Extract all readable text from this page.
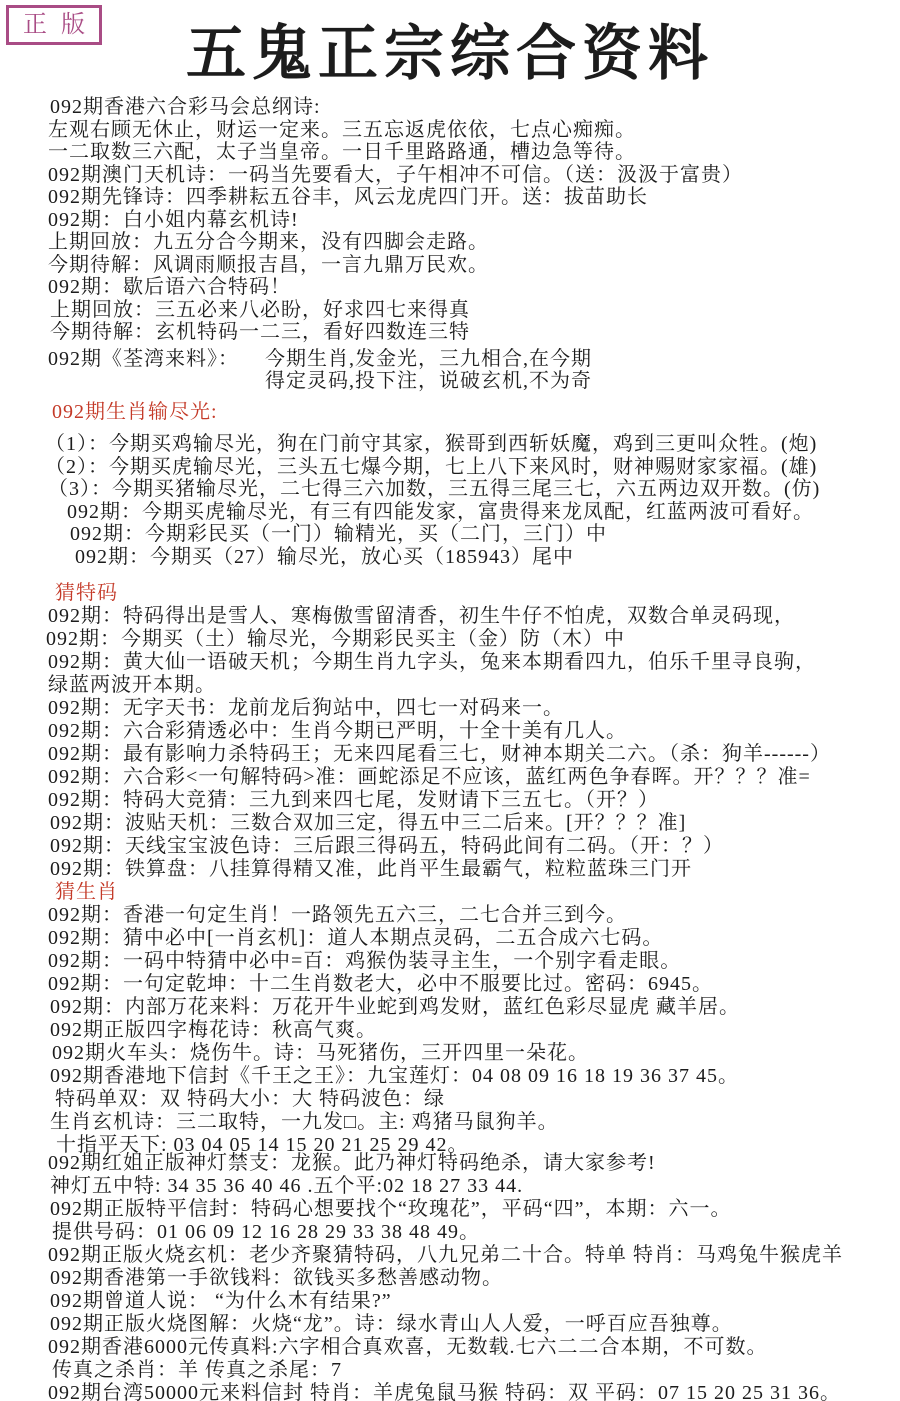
正版	五鬼正宗综合资料

092期香港六合彩马会总纲诗:

左观右顾无休止，财运一定来。三五忘返虎依依，七点心痴痴。

一二取数三六配，太子当皇帝。一日千里路路通，槽边急等待。

092期澳门天机诗：一码当先要看大，子午相冲不可信。（送：汲汲于富贵）

092期先锋诗：四季耕耘五谷丰，风云龙虎四门开。送：拔苗助长

092期：白小姐内幕玄机诗!

上期回放：九五分合今期来，没有四脚会走路。

今期待解：风调雨顺报吉昌，一言九鼎万民欢。

092期：歇后语六合特码！

上期回放：三五必来八必盼，好求四七来得真

今期待解：玄机特码一二三，看好四数连三特

092期《荃湾来料》： 今期生肖,发金光，三九相合,在今期

得定灵码,投下注，说破玄机,不为奇

092期生肖输尽光:

（1）：今期买鸡输尽光，狗在门前守其家，猴哥到西斩妖魔，鸡到三更叫众牲。(炮)

（2）：今期买虎输尽光，三头五七爆今期，七上八下来风时，财神赐财家家福。(雄)

（3）：今期买猪输尽光，二七得三六加数，三五得三尾三七，六五两边双开数。(仿)

092期：今期买虎输尽光，有三有四能发家，富贵得来龙凤配，红蓝两波可看好。

092期：今期彩民买（一门）输精光，买（二门，三门）中

092期：今期买（27）输尽光，放心买（185943）尾中

猜特码

092期：特码得出是雪人、寒梅傲雪留清香，初生牛仔不怕虎，双数合单灵码现，

092期：今期买（土）输尽光，今期彩民买主（金）防（木）中

092期：黄大仙一语破天机；今期生肖九字头，兔来本期看四九，伯乐千里寻良驹，

绿蓝两波开本期。

092期：无字天书：龙前龙后狗站中，四七一对码来一。

092期：六合彩猜透必中：生肖今期已严明，十全十美有几人。

092期：最有影响力杀特码王；无来四尾看三七，财神本期关二六。（杀：狗羊------）

092期：六合彩<一句解特码>准：画蛇添足不应该，蓝红两色争春晖。开？？？准=

092期：特码大竞猜：三九到来四七尾，发财请下三五七。（开？）

092期：波贴天机：三数合双加三定，得五中三二后来。[开？？？准]

092期：天线宝宝波色诗：三后跟三得码五，特码此间有二码。（开：？）

092期：铁算盘：八挂算得精又准，此肖平生最霸气，粒粒蓝珠三门开

猜生肖

092期：香港一句定生肖！一路领先五六三，二七合并三到今。

092期：猜中必中[一肖玄机]：道人本期点灵码，二五合成六七码。

092期：一码中特猜中必中=百：鸡猴伪装寻主生，一个别字看走眼。

092期：一句定乾坤：十二生肖数老大，必中不服要比过。密码：6945。

092期：内部万花来料：万花开牛业蛇到鸡发财，蓝红色彩尽显虎 藏羊居。

092期正版四字梅花诗：秋高气爽。

092期火车头：烧伤牛。诗：马死猪伤，三开四里一朵花。

092期香港地下信封《千王之王》：九宝莲灯：04 08 09 16 18 19 36 37 45。

特码单双：双 特码大小：大 特码波色：绿

生肖玄机诗：三二取特，一九发□。主: 鸡猪马鼠狗羊。

十指平天下: 03 04 05 14 15 20 21 25 29 42。

092期红姐正版神灯禁支：龙猴。此乃神灯特码绝杀，请大家参考!

神灯五中特: 34 35 36 40 46 .五个平:02 18 27 33 44.

092期正版特平信封：特码心想要找个“玫瑰花”，平码“四”，本期：六一。

提供号码：01 06 09 12 16 28 29 33 38 48 49。

092期正版火烧玄机：老少齐聚猜特码，八九兄弟二十合。特单 特肖：马鸡兔牛猴虎羊

092期香港第一手欲钱料：欲钱买多愁善感动物。

092期曾道人说： “为什么木有结果?”

092期正版火烧图解：火烧“龙”。诗：绿水青山人人爱，一呼百应吾独尊。

092期香港6000元传真料:六字相合真欢喜，无数载.七六二二合本期，不可数。

传真之杀肖：羊 传真之杀尾：7

092期台湾50000元来料信封 特肖：羊虎兔鼠马猴 特码：双 平码：07 15 20 25 31 36。
